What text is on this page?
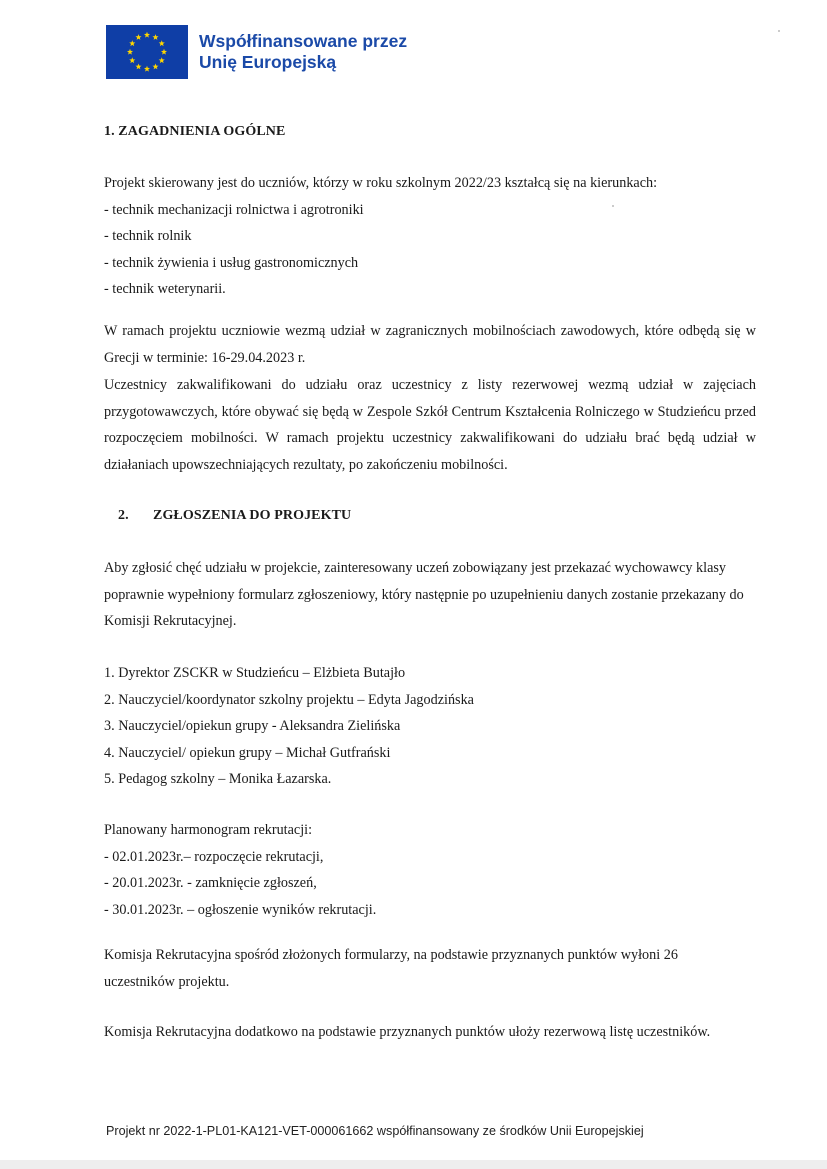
Współfinansowane przez
Unię Europejską
1. ZAGADNIENIA OGÓLNE
Projekt skierowany jest do uczniów, którzy w roku szkolnym 2022/23 kształcą się na kierunkach:
- technik mechanizacji rolnictwa i agrotroniki
- technik rolnik
- technik żywienia i usług gastronomicznych
- technik weterynarii.
W ramach projektu uczniowie wezmą udział w zagranicznych mobilnościach zawodowych, które odbędą się w Grecji w terminie: 16-29.04.2023 r.
Uczestnicy zakwalifikowani do udziału oraz uczestnicy z listy rezerwowej wezmą udział w zajęciach przygotowawczych, które obywać się będą w Zespole Szkół Centrum Kształcenia Rolniczego w Studzieńcu przed rozpoczęciem mobilności. W ramach projektu uczestnicy zakwalifikowani do udziału brać będą udział w działaniach upowszechniających rezultaty, po zakończeniu mobilności.
2. ZGŁOSZENIA DO PROJEKTU
Aby zgłosić chęć udziału w projekcie, zainteresowany uczeń zobowiązany jest przekazać wychowawcy klasy poprawnie wypełniony formularz zgłoszeniowy, który następnie po uzupełnieniu danych zostanie przekazany do Komisji Rekrutacyjnej.
1. Dyrektor ZSCKR w Studzieńcu – Elżbieta Butajło
2. Nauczyciel/koordynator szkolny projektu – Edyta Jagodzińska
3. Nauczyciel/opiekun grupy - Aleksandra Zielińska
4. Nauczyciel/ opiekun grupy – Michał Gutfrański
5. Pedagog szkolny – Monika Łazarska.
Planowany harmonogram rekrutacji:
- 02.01.2023r.– rozpoczęcie rekrutacji,
- 20.01.2023r. - zamknięcie zgłoszeń,
- 30.01.2023r. – ogłoszenie wyników rekrutacji.
Komisja Rekrutacyjna spośród złożonych formularzy, na podstawie przyznanych punktów wyłoni 26 uczestników projektu.
Komisja Rekrutacyjna dodatkowo na podstawie przyznanych punktów ułoży rezerwową listę uczestników.
Projekt nr 2022-1-PL01-KA121-VET-000061662 współfinansowany ze środków Unii Europejskiej
